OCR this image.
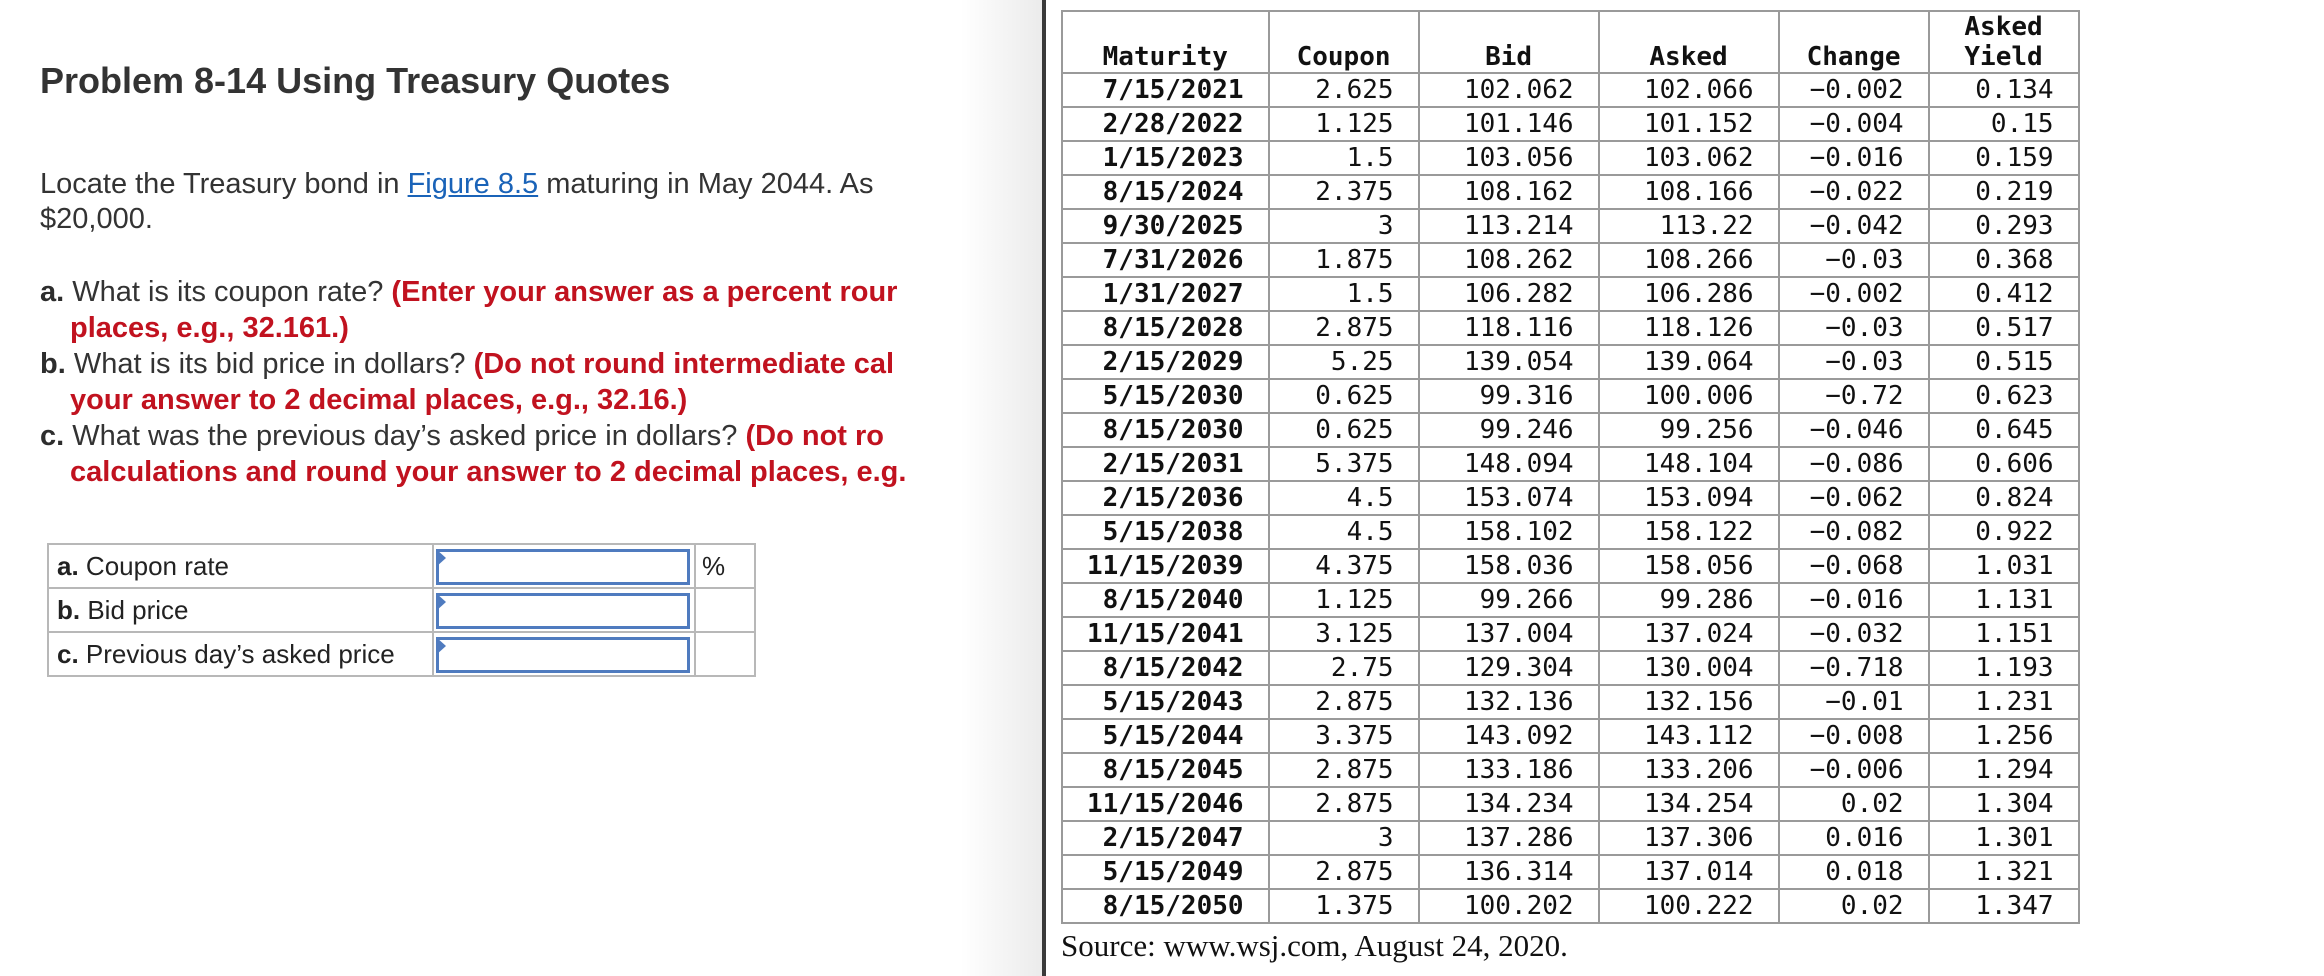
Problem 8-14 Using Treasury Quotes
Locate the Treasury bond in Figure 8.5 maturing in May 2044. As
$20,000.
a. What is its coupon rate? (Enter your answer as a percent rour
places, e.g., 32.161.)
b. What is its bid price in dollars? (Do not round intermediate cal
your answer to 2 decimal places, e.g., 32.16.)
c. What was the previous day’s asked price in dollars? (Do not ro
calculations and round your answer to 2 decimal places, e.g.
a. Coupon rate		%
b. Bid price	

c. Previous day’s asked price	

Maturity	Coupon	Bid	Asked	Change	Asked
Yield
7/15/2021	2.625	102.062	102.066	−0.002	0.134
2/28/2022	1.125	101.146	101.152	−0.004	0.15
1/15/2023	1.5	103.056	103.062	−0.016	0.159
8/15/2024	2.375	108.162	108.166	−0.022	0.219
9/30/2025	3	113.214	113.22	−0.042	0.293
7/31/2026	1.875	108.262	108.266	−0.03	0.368
1/31/2027	1.5	106.282	106.286	−0.002	0.412
8/15/2028	2.875	118.116	118.126	−0.03	0.517
2/15/2029	5.25	139.054	139.064	−0.03	0.515
5/15/2030	0.625	99.316	100.006	−0.72	0.623
8/15/2030	0.625	99.246	99.256	−0.046	0.645
2/15/2031	5.375	148.094	148.104	−0.086	0.606
2/15/2036	4.5	153.074	153.094	−0.062	0.824
5/15/2038	4.5	158.102	158.122	−0.082	0.922
11/15/2039	4.375	158.036	158.056	−0.068	1.031
8/15/2040	1.125	99.266	99.286	−0.016	1.131
11/15/2041	3.125	137.004	137.024	−0.032	1.151
8/15/2042	2.75	129.304	130.004	−0.718	1.193
5/15/2043	2.875	132.136	132.156	−0.01	1.231
5/15/2044	3.375	143.092	143.112	−0.008	1.256
8/15/2045	2.875	133.186	133.206	−0.006	1.294
11/15/2046	2.875	134.234	134.254	0.02	1.304
2/15/2047	3	137.286	137.306	0.016	1.301
5/15/2049	2.875	136.314	137.014	0.018	1.321
8/15/2050	1.375	100.202	100.222	0.02	1.347
Source: www.wsj.com, August 24, 2020.
